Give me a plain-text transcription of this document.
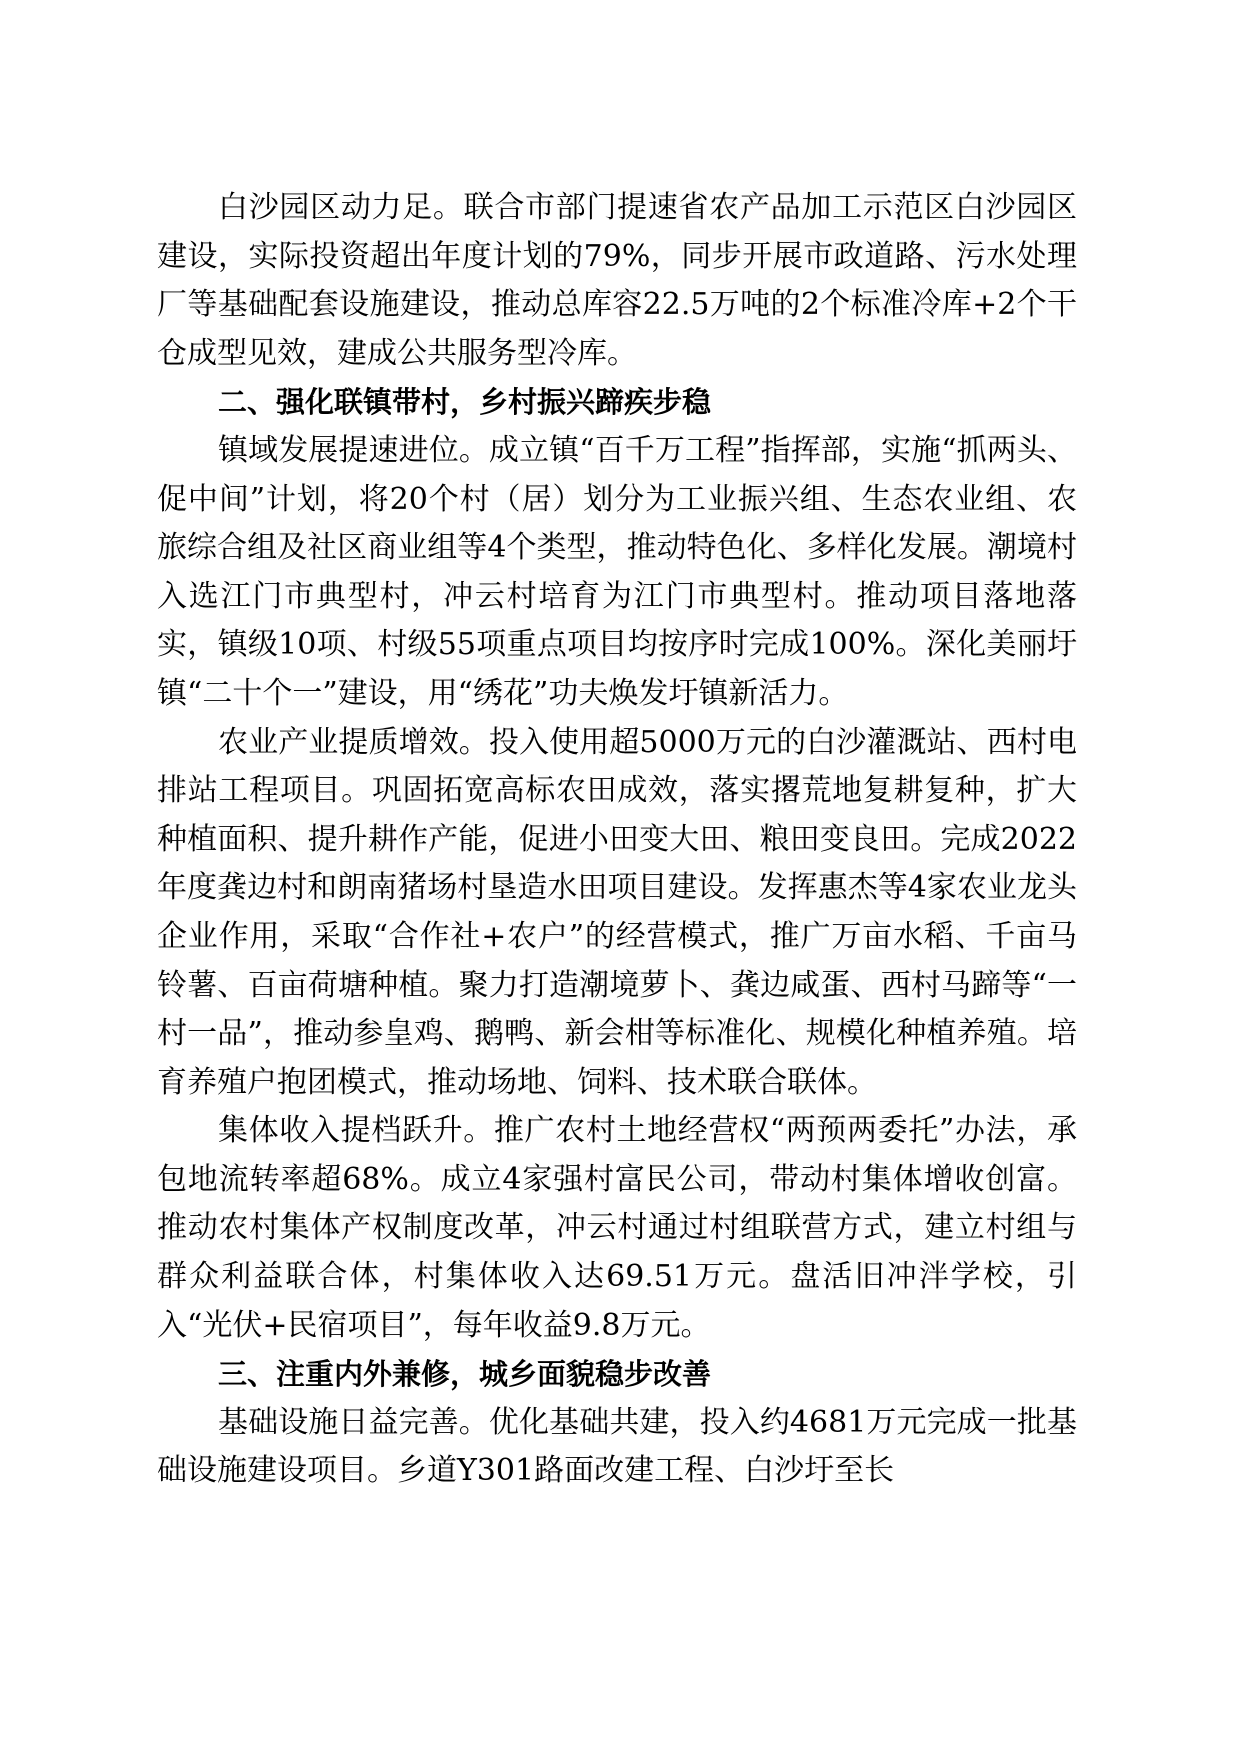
白沙园区动力足。联合市部门提速省农产品加工示范区白沙园区建设，实际投资超出年度计划的79%，同步开展市政道路、污水处理厂等基础配套设施建设，推动总库容22.5万吨的2个标准冷库+2个干仓成型见效，建成公共服务型冷库。

二、强化联镇带村，乡村振兴蹄疾步稳

镇域发展提速进位。成立镇“百千万工程”指挥部，实施“抓两头、促中间”计划，将20个村（居）划分为工业振兴组、生态农业组、农旅综合组及社区商业组等4个类型，推动特色化、多样化发展。潮境村入选江门市典型村，冲云村培育为江门市典型村。推动项目落地落实，镇级10项、村级55项重点项目均按序时完成100%。深化美丽圩镇“二十个一”建设，用“绣花”功夫焕发圩镇新活力。

农业产业提质增效。投入使用超5000万元的白沙灌溉站、西村电排站工程项目。巩固拓宽高标农田成效，落实撂荒地复耕复种，扩大种植面积、提升耕作产能，促进小田变大田、粮田变良田。完成2022年度龚边村和朗南猪场村垦造水田项目建设。发挥惠杰等4家农业龙头企业作用，采取“合作社+农户”的经营模式，推广万亩水稻、千亩马铃薯、百亩荷塘种植。聚力打造潮境萝卜、龚边咸蛋、西村马蹄等“一村一品”，推动参皇鸡、鹅鸭、新会柑等标准化、规模化种植养殖。培育养殖户抱团模式，推动场地、饲料、技术联合联体。

集体收入提档跃升。推广农村土地经营权“两预两委托”办法，承包地流转率超68%。成立4家强村富民公司，带动村集体增收创富。推动农村集体产权制度改革，冲云村通过村组联营方式，建立村组与群众利益联合体，村集体收入达69.51万元。盘活旧冲泮学校，引入“光伏+民宿项目”，每年收益9.8万元。

三、注重内外兼修，城乡面貌稳步改善

基础设施日益完善。优化基础共建，投入约4681万元完成一批基础设施建设项目。乡道Y301路面改建工程、白沙圩至长
